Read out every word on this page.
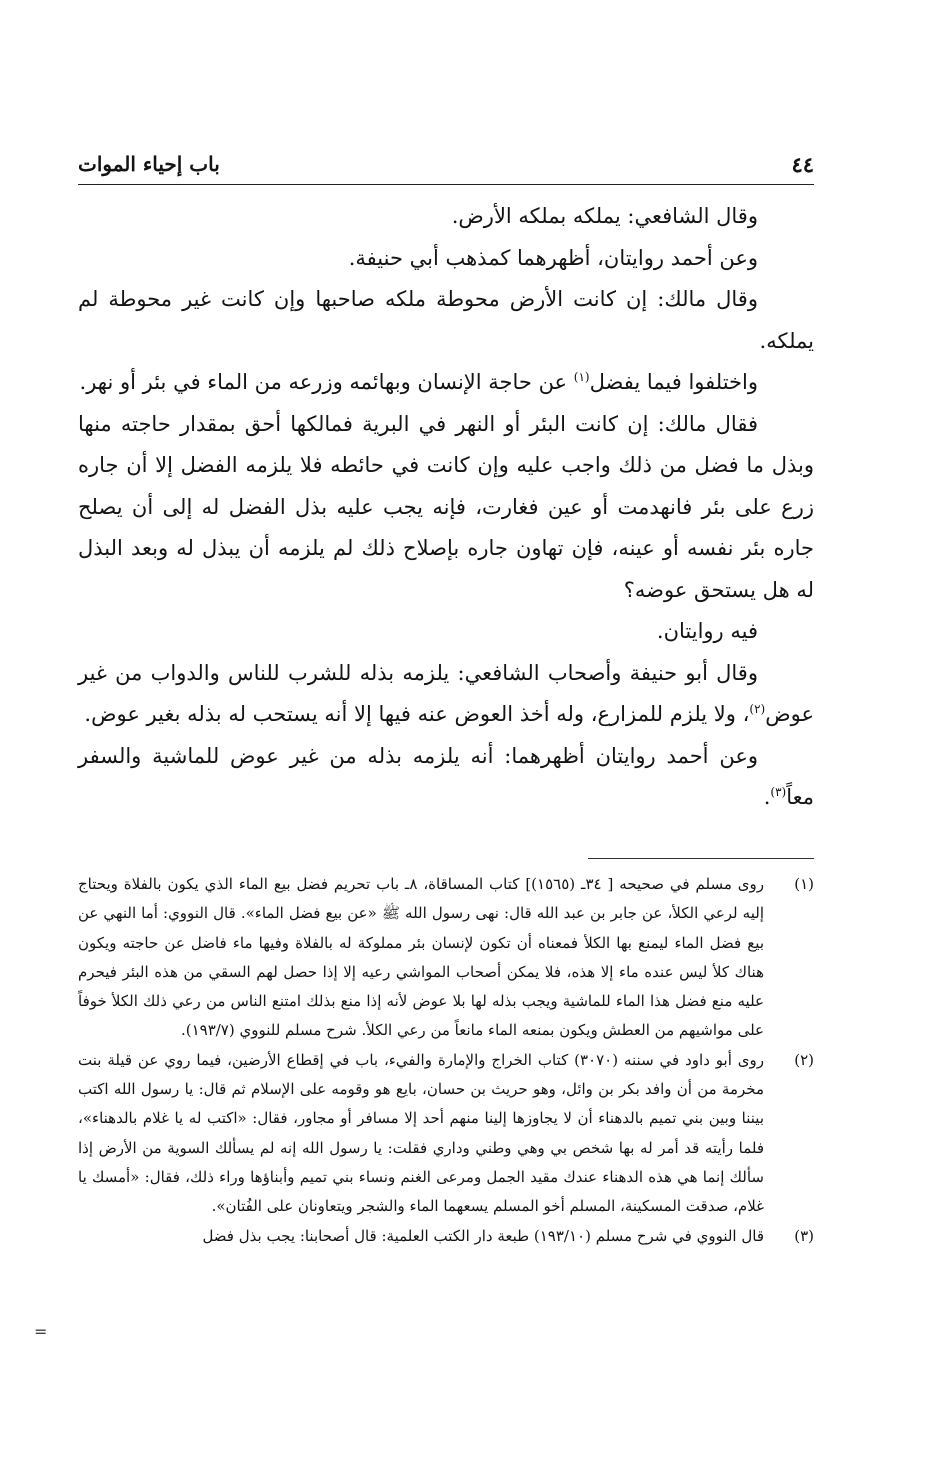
٤٤
باب إحياء الموات

وقال الشافعي: يملكه بملكه الأرض.

وعن أحمد روايتان، أظهرهما كمذهب أبي حنيفة.

وقال مالك: إن كانت الأرض محوطة ملكه صاحبها وإن كانت غير محوطة لم يملكه.

واختلفوا فيما يفضل$^{(١)}$ عن حاجة الإنسان وبهائمه وزرعه من الماء في بئر أو نهر.

فقال مالك: إن كانت البئر أو النهر في البرية فمالكها أحق بمقدار حاجته منها وبذل ما فضل من ذلك واجب عليه وإن كانت في حائطه فلا يلزمه الفضل إلا أن جاره زرع على بئر فانهدمت أو عين فغارت، فإنه يجب عليه بذل الفضل له إلى أن يصلح جاره بئر نفسه أو عينه، فإن تهاون جاره بإصلاح ذلك لم يلزمه أن يبذل له وبعد البذل له هل يستحق عوضه؟

فيه روايتان.

وقال أبو حنيفة وأصحاب الشافعي: يلزمه بذله للشرب للناس والدواب من غير عوض$^{(٢)}$، ولا يلزم للمزارع، وله أخذ العوض عنه فيها إلا أنه يستحب له بذله بغير عوض.

وعن أحمد روايتان أظهرهما: أنه يلزمه بذله من غير عوض للماشية والسفر معاً$^{(٣)}$.

(١)
روى مسلم في صحيحه [ ٣٤ـ (١٥٦٥)] كتاب المساقاة، ٨ـ باب تحريم فضل بيع الماء الذي يكون بالفلاة ويحتاج إليه لرعي الكلأ، عن جابر بن عبد الله قال: نهى رسول الله ﷺ «عن بيع فضل الماء». قال النووي: أما النهي عن بيع فضل الماء ليمنع بها الكلأ فمعناه أن تكون لإنسان بئر مملوكة له بالفلاة وفيها ماء فاضل عن حاجته ويكون هناك كلأ ليس عنده ماء إلا هذه، فلا يمكن أصحاب المواشي رعيه إلا إذا حصل لهم السقي من هذه البئر فيحرم عليه منع فضل هذا الماء للماشية ويجب بذله لها بلا عوض لأنه إذا منع بذلك امتنع الناس من رعي ذلك الكلأ خوفاً على مواشيهم من العطش ويكون بمنعه الماء مانعاً من رعي الكلأ. شرح مسلم للنووي (١٩٣/٧).
(٢)
روى أبو داود في سننه (٣٠٧٠) كتاب الخراج والإمارة والفيء، باب في إقطاع الأرضين، فيما روي عن قيلة بنت مخرمة من أن وافد بكر بن وائل، وهو حريث بن حسان، بايع هو وقومه على الإسلام ثم قال: يا رسول الله اكتب بيننا وبين بني تميم بالدهناء أن لا يجاوزها إلينا منهم أحد إلا مسافر أو مجاور، فقال: «اكتب له يا غلام بالدهناء»، فلما رأيته قد أمر له بها شخص بي وهي وطني وداري فقلت: يا رسول الله إنه لم يسألك السوية من الأرض إذا سألك إنما هي هذه الدهناء عندك مقيد الجمل ومرعى الغنم ونساء بني تميم وأبناؤها وراء ذلك، فقال: «أمسك يا غلام، صدقت المسكينة، المسلم أخو المسلم يسعهما الماء والشجر ويتعاونان على الفُتان».
(٣)
قال النووي في شرح مسلم (١٩٣/١٠) طبعة دار الكتب العلمية: قال أصحابنا: يجب بذل فضل
=
